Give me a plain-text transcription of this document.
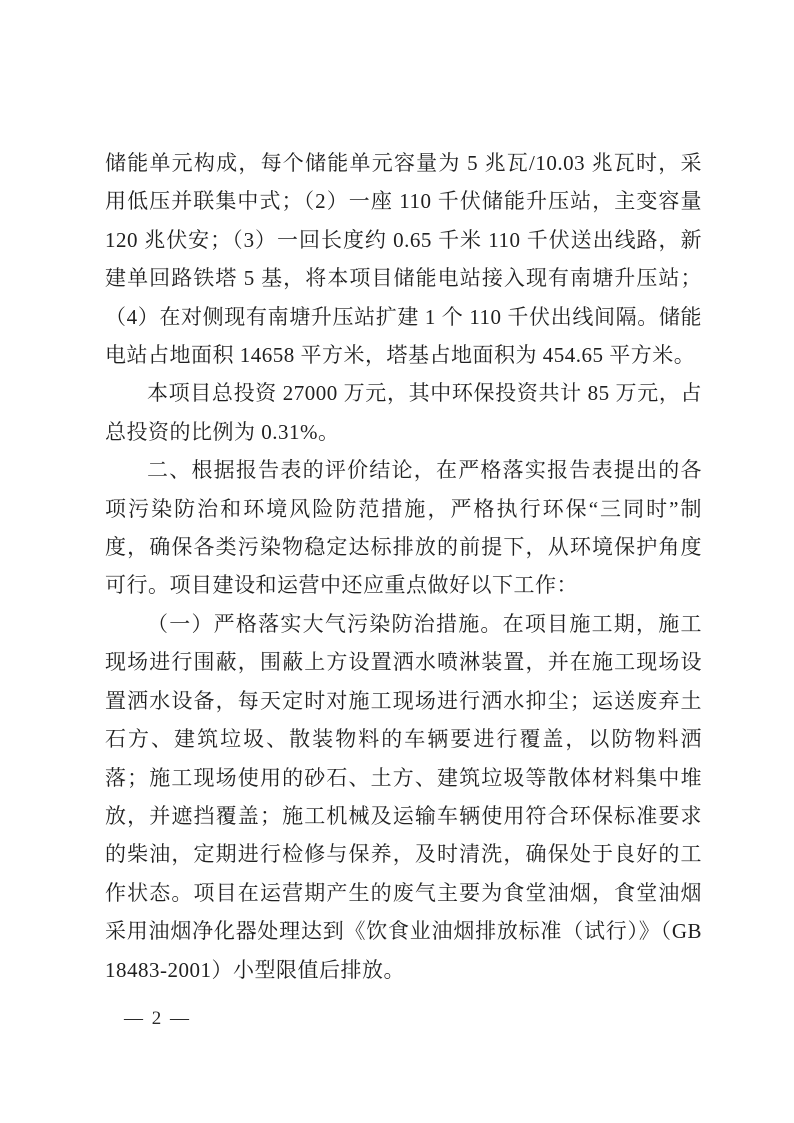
储能单元构成，每个储能单元容量为 5 兆瓦/10.03 兆瓦时，采用低压并联集中式；（2）一座 110 千伏储能升压站，主变容量 120 兆伏安；（3）一回长度约 0.65 千米 110 千伏送出线路，新建单回路铁塔 5 基，将本项目储能电站接入现有南塘升压站；（4）在对侧现有南塘升压站扩建 1 个 110 千伏出线间隔。储能电站占地面积 14658 平方米，塔基占地面积为 454.65 平方米。

本项目总投资 27000 万元，其中环保投资共计 85 万元，占总投资的比例为 0.31%。

二、根据报告表的评价结论，在严格落实报告表提出的各项污染防治和环境风险防范措施，严格执行环保“三同时”制度，确保各类污染物稳定达标排放的前提下，从环境保护角度可行。项目建设和运营中还应重点做好以下工作：

（一）严格落实大气污染防治措施。在项目施工期，施工现场进行围蔽，围蔽上方设置洒水喷淋装置，并在施工现场设置洒水设备，每天定时对施工现场进行洒水抑尘；运送废弃土石方、建筑垃圾、散装物料的车辆要进行覆盖，以防物料洒落；施工现场使用的砂石、土方、建筑垃圾等散体材料集中堆放，并遮挡覆盖；施工机械及运输车辆使用符合环保标准要求的柴油，定期进行检修与保养，及时清洗，确保处于良好的工作状态。项目在运营期产生的废气主要为食堂油烟，食堂油烟采用油烟净化器处理达到《饮食业油烟排放标准（试行）》（GB18483-2001）小型限值后排放。

— 2 —
